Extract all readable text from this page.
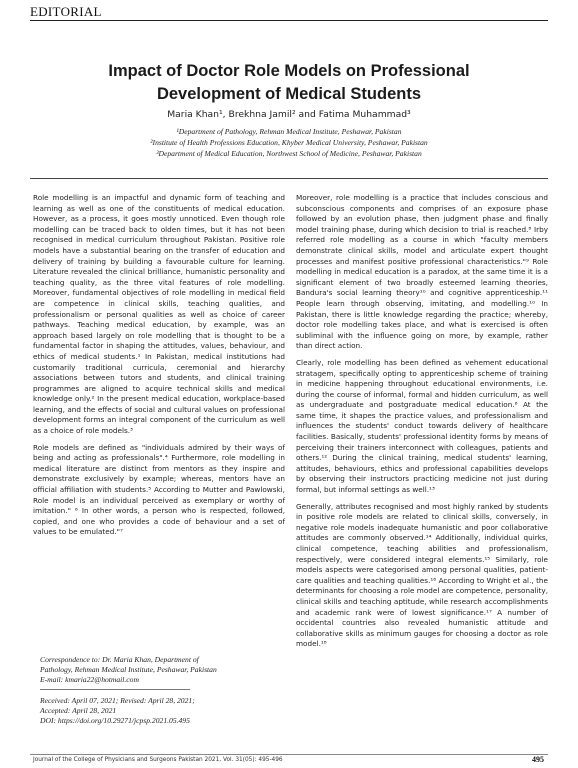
EDITORIAL
Impact of Doctor Role Models on Professional
Development of Medical Students
Maria Khan¹, Brekhna Jamil² and Fatima Muhammad³
¹Department of Pathology, Rehman Medical Institute, Peshawar, Pakistan
²Institute of Health Professions Education, Khyber Medical University, Peshawar, Pakistan
³Department of Medical Education, Northwest School of Medicine, Peshawar, Pakistan

Role modelling is an impactful and dynamic form of teaching and learning as well as one of the constituents of medical education. However, as a process, it goes mostly unnoticed. Even though role modelling can be traced back to olden times, but it has not been recognised in medical curriculum throughout Pakistan. Positive role models have a substantial bearing on the transfer of education and delivery of training by building a favourable culture for learning. Literature revealed the clinical brilliance, humanistic personality and teaching quality, as the three vital features of role modelling. Moreover, fundamental objectives of role modelling in medical field are competence in clinical skills, teaching qualities, and professionalism or personal qualities as well as choice of career pathways. Teaching medical education, by example, was an approach based largely on role modelling that is thought to be a fundamental factor in shaping the attitudes, values, behaviour, and ethics of medical students.¹ In Pakistan, medical institutions had customarily traditional curricula, ceremonial and hierarchy associations between tutors and students, and clinical training programmes are aligned to acquire technical skills and medical knowledge only.² In the present medical education, workplace-based learning, and the effects of social and cultural values on professional development forms an integral component of the curriculum as well as a choice of role models.³

Role models are defined as "individuals admired by their ways of being and acting as professionals".⁴ Furthermore, role modelling in medical literature are distinct from mentors as they inspire and demonstrate exclusively by example; whereas, mentors have an official affiliation with students.⁵ According to Mutter and Pawlowski, Role model is an individual perceived as exemplary or worthy of imitation." ⁶ In other words, a person who is respected, followed, copied, and one who provides a code of behaviour and a set of values to be emulated."⁷

Moreover, role modelling is a practice that includes conscious and subconscious components and comprises of an exposure phase followed by an evolution phase, then judgment phase and finally model training phase, during which decision to trial is reached.⁸ Irby referred role modelling as a course in which "faculty members demonstrate clinical skills, model and articulate expert thought processes and manifest positive professional characteristics."⁹ Role modelling in medical education is a paradox, at the same time it is a significant element of two broadly esteemed learning theories, Bandura's social learning theory¹⁰ and cognitive apprenticeship.¹¹ People learn through observing, imitating, and modelling.¹⁰ In Pakistan, there is little knowledge regarding the practice; whereby, doctor role modelling takes place, and what is exercised is often subliminal with the influence going on more, by example, rather than direct action.

Clearly, role modelling has been defined as vehement educational stratagem, specifically opting to apprenticeship scheme of training in medicine happening throughout educational environments, i.e. during the course of informal, formal and hidden curriculum, as well as undergraduate and postgraduate medical education.⁶ At the same time, it shapes the practice values, and professionalism and influences the students' conduct towards delivery of healthcare facilities. Basically, students' professional identity forms by means of perceiving their trainers interconnect with colleagues, patients and others.¹² During the clinical training, medical students' learning, attitudes, behaviours, ethics and professional capabilities develops by observing their instructors practicing medicine not just during formal, but informal settings as well.¹³

Generally, attributes recognised and most highly ranked by students in positive role models are related to clinical skills, conversely, in negative role models inadequate humanistic and poor collaborative attitudes are commonly observed.¹⁴ Additionally, individual quirks, clinical competence, teaching abilities and professionalism, respectively, were considered integral elements.¹⁵ Similarly, role models aspects were categorised among personal qualities, patient-care qualities and teaching qualities.¹⁶ According to Wright et al., the determinants for choosing a role model are competence, personality, clinical skills and teaching aptitude, while research accomplishments and academic rank were of lowest significance.¹⁷ A number of occidental countries also revealed humanistic attitude and collaborative skills as minimum gauges for choosing a doctor as role model.¹⁸

Correspondence to: Dr. Maria Khan, Department of
Pathology, Rehman Medical Institute, Peshawar, Pakistan
E-mail: kmaria22@hotmail.com
Received: April 07, 2021; Revised: April 28, 2021;
Accepted: April 28, 2021
DOI: https://doi.org/10.29271/jcpsp.2021.05.495
Journal of the College of Physicians and Surgeons Pakistan 2021, Vol. 31(05): 495-496	495
